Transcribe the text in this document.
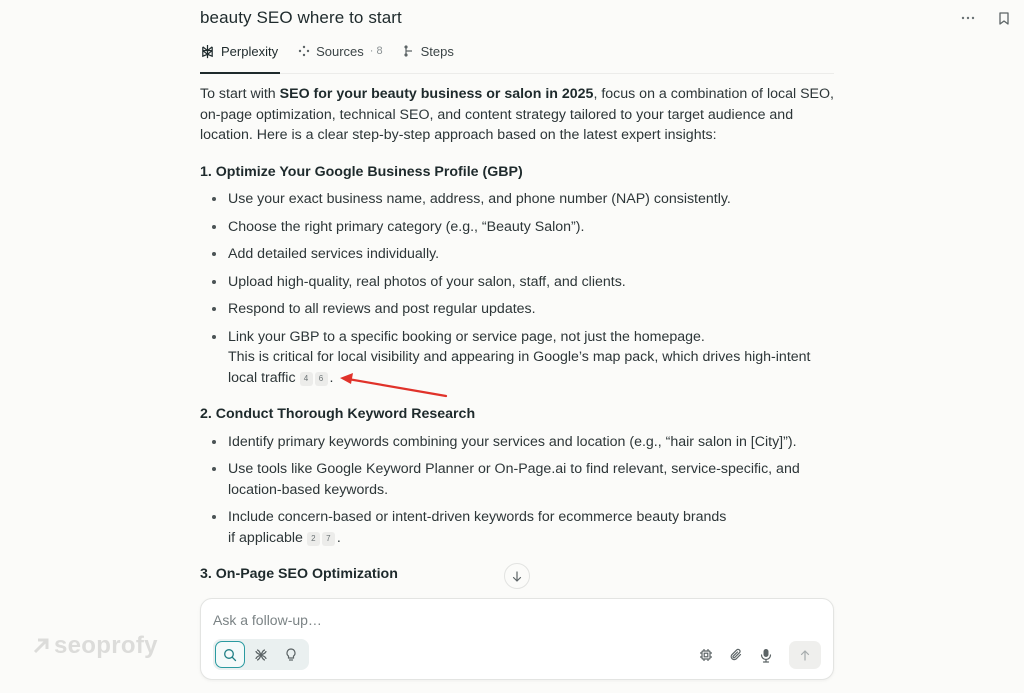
beauty SEO where to start
Perplexity	Sources · 8	Steps

To start with SEO for your beauty business or salon in 2025, focus on a combination of local SEO, on-page optimization, technical SEO, and content strategy tailored to your target audience and location. Here is a clear step-by-step approach based on the latest expert insights:

1. Optimize Your Google Business Profile (GBP)
Use your exact business name, address, and phone number (NAP) consistently.
Choose the right primary category (e.g., “Beauty Salon”).
Add detailed services individually.
Upload high-quality, real photos of your salon, staff, and clients.
Respond to all reviews and post regular updates.
Link your GBP to a specific booking or service page, not just the homepage.
This is critical for local visibility and appearing in Google’s map pack, which drives high-intent local traffic 4 6 .
2. Conduct Thorough Keyword Research
Identify primary keywords combining your services and location (e.g., “hair salon in [City]”).
Use tools like Google Keyword Planner or On-Page.ai to find relevant, service-specific, and location-based keywords.
Include concern-based or intent-driven keywords for ecommerce beauty brands
if applicable 2 7 .
3. On-Page SEO Optimization
Ask a follow-up…
seoprofy
